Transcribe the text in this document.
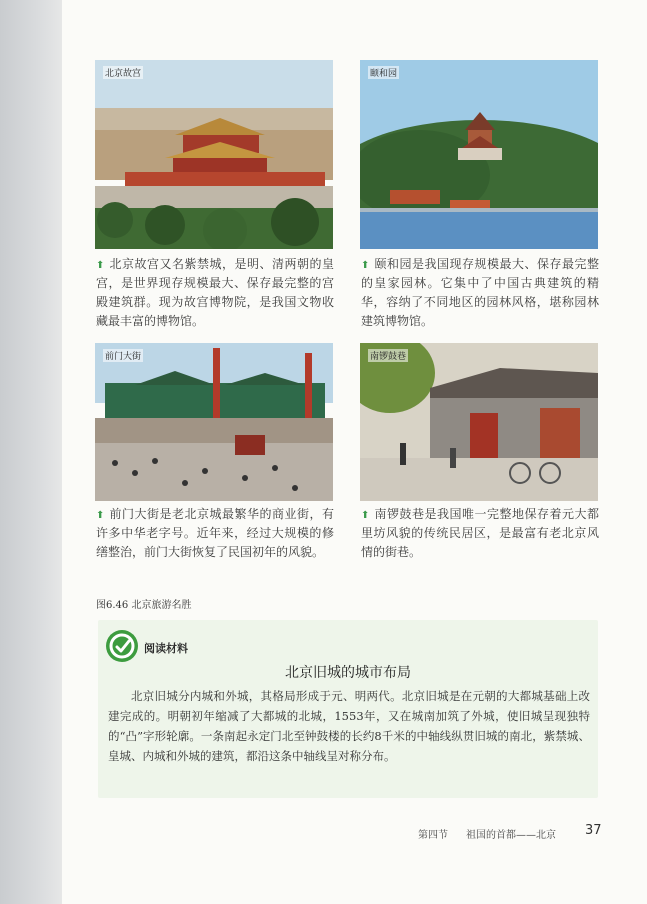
北京故宫	颐和园
⬆ 北京故宫又名紫禁城，是明、清两朝的皇宫，是世界现存规模最大、保存最完整的宫殿建筑群。现为故宫博物院，是我国文物收藏最丰富的博物馆。
⬆ 颐和园是我国现存规模最大、保存最完整的皇家园林。它集中了中国古典建筑的精华，容纳了不同地区的园林风格，堪称园林建筑博物馆。
前门大街	南锣鼓巷
⬆ 前门大街是老北京城最繁华的商业街，有许多中华老字号。近年来，经过大规模的修缮整治，前门大街恢复了民国初年的风貌。
⬆ 南锣鼓巷是我国唯一完整地保存着元大都里坊风貌的传统民居区，是最富有老北京风情的街巷。
图6.46 北京旅游名胜
阅读材料
北京旧城的城市布局
北京旧城分内城和外城，其格局形成于元、明两代。北京旧城是在元朝的大都城基础上改建完成的。明朝初年缩减了大都城的北城，1553年，又在城南加筑了外城，使旧城呈现独特的“凸”字形轮廓。一条南起永定门北至钟鼓楼的长约8千米的中轴线纵贯旧城的南北，紫禁城、皇城、内城和外城的建筑，都沿这条中轴线呈对称分布。
第四节 祖国的首都——北京 37
